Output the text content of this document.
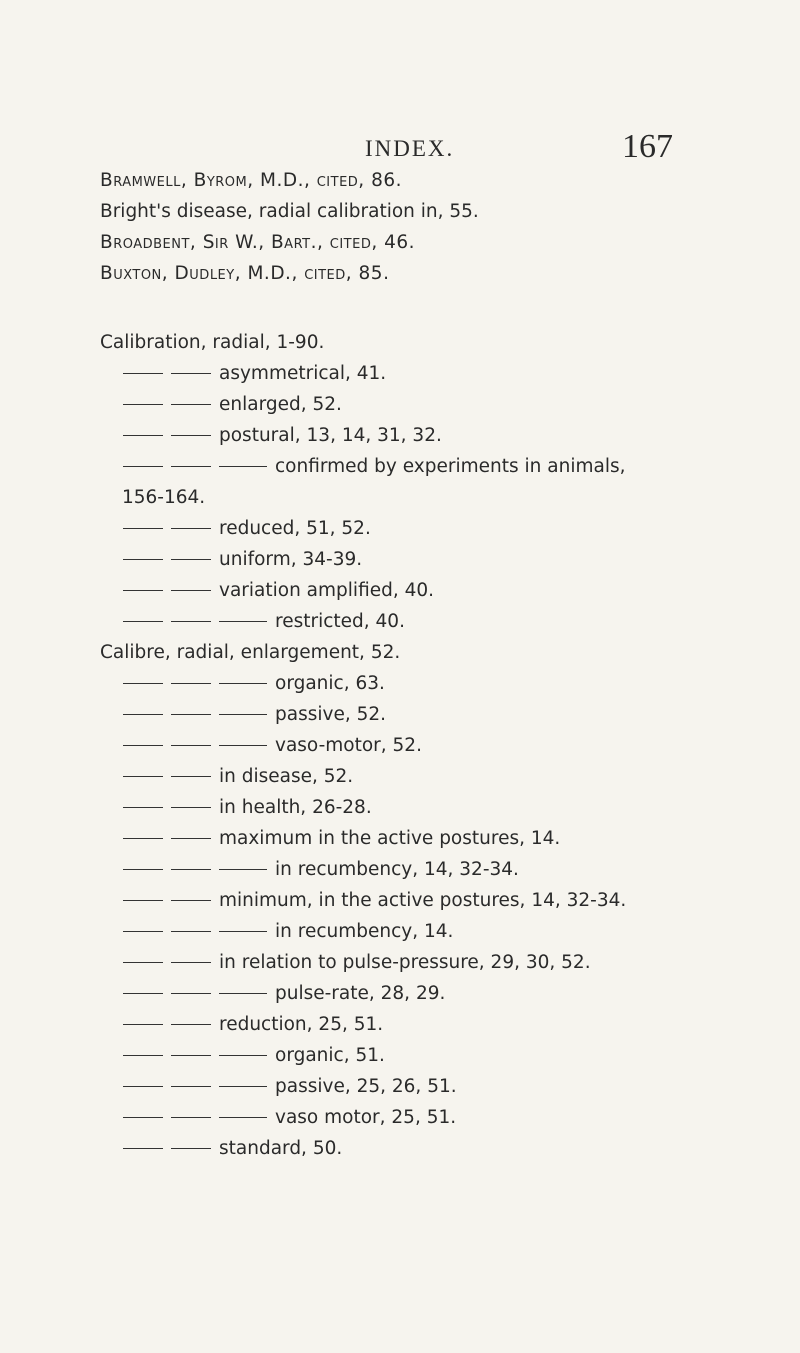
INDEX.	167
Bramwell, Byrom, M.D., cited, 86.
Bright's disease, radial calibration in, 55.
Broadbent, Sir W., Bart., cited, 46.
Buxton, Dudley, M.D., cited, 85.
Calibration, radial, 1-90.
asymmetrical, 41.
enlarged, 52.
postural, 13, 14, 31, 32.
confirmed by experiments in animals,
156-164.
reduced, 51, 52.
uniform, 34-39.
variation amplified, 40.
restricted, 40.
Calibre, radial, enlargement, 52.
organic, 63.
passive, 52.
vaso-motor, 52.
in disease, 52.
in health, 26-28.
maximum in the active postures, 14.
in recumbency, 14, 32-34.
minimum, in the active postures, 14, 32-34.
in recumbency, 14.
in relation to pulse-pressure, 29, 30, 52.
pulse-rate, 28, 29.
reduction, 25, 51.
organic, 51.
passive, 25, 26, 51.
vaso motor, 25, 51.
standard, 50.
